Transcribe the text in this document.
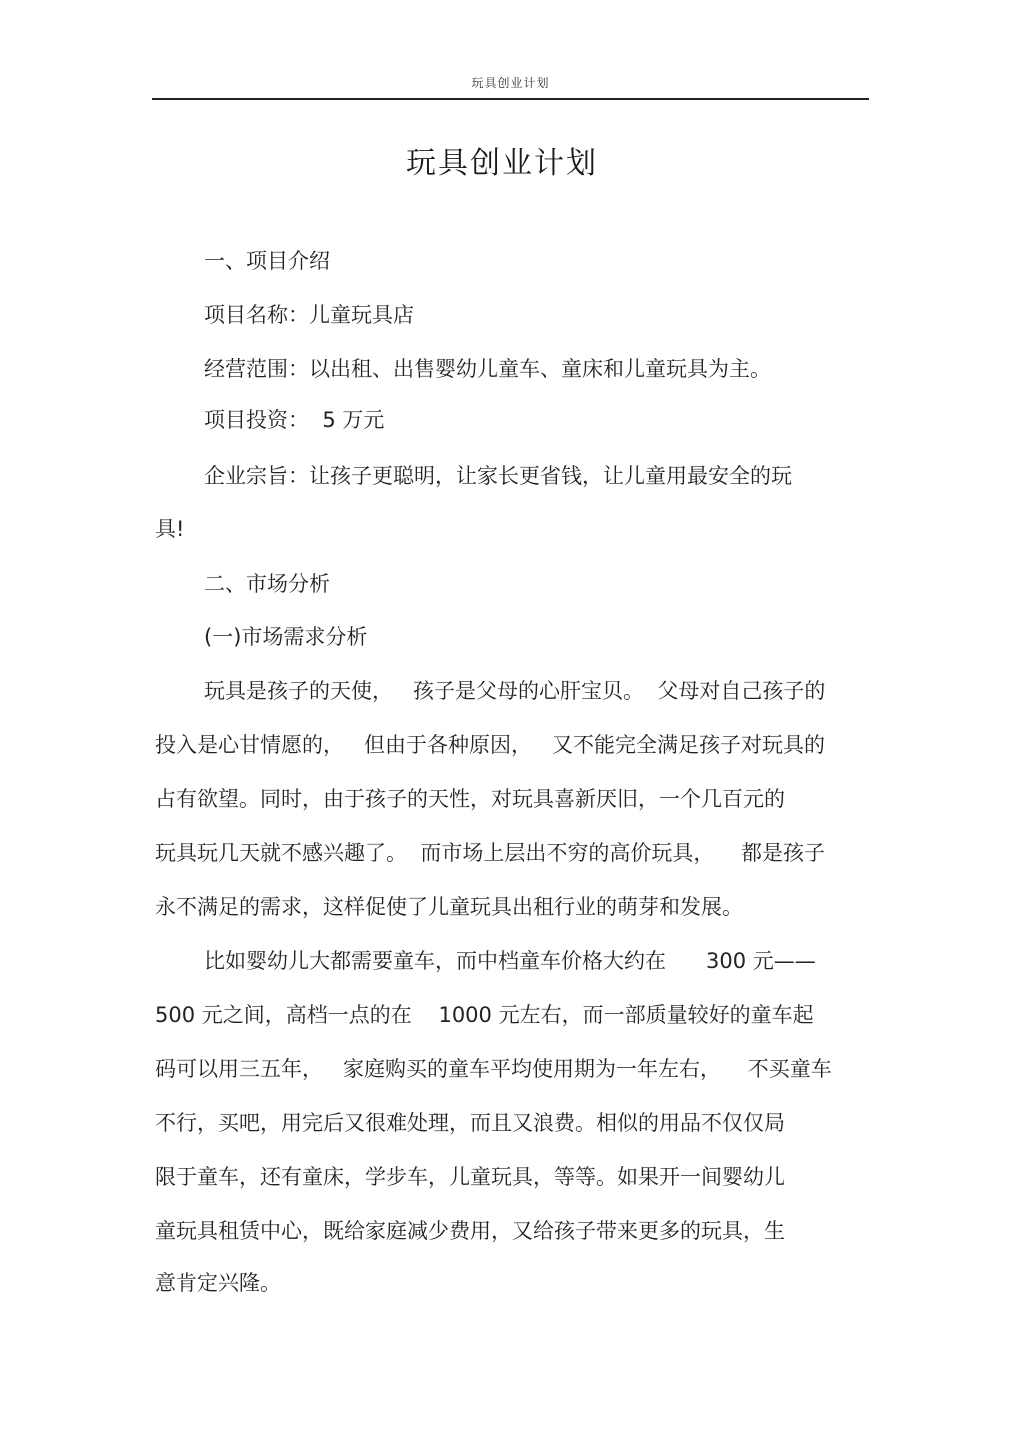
玩具创业计划
玩具创业计划
一、项目介绍
项目名称：儿童玩具店
经营范围：以出租、出售婴幼儿童车、童床和儿童玩具为主。
项目投资：  5 万元
企业宗旨：让孩子更聪明，让家长更省钱，让儿童用最安全的玩
具!
二、市场分析
(一)市场需求分析
玩具是孩子的天使，   孩子是父母的心肝宝贝。  父母对自己孩子的
投入是心甘情愿的，   但由于各种原因，   又不能完全满足孩子对玩具的
占有欲望。同时，由于孩子的天性，对玩具喜新厌旧，一个几百元的
玩具玩几天就不感兴趣了。  而市场上层出不穷的高价玩具，    都是孩子
永不满足的需求，这样促使了儿童玩具出租行业的萌芽和发展。
比如婴幼儿大都需要童车，而中档童车价格大约在      300 元——
500 元之间，高档一点的在    1000 元左右，而一部质量较好的童车起
码可以用三五年，   家庭购买的童车平均使用期为一年左右，    不买童车
不行，买吧，用完后又很难处理，而且又浪费。相似的用品不仅仅局
限于童车，还有童床，学步车，儿童玩具，等等。如果开一间婴幼儿
童玩具租赁中心，既给家庭减少费用，又给孩子带来更多的玩具，生
意肯定兴隆。
